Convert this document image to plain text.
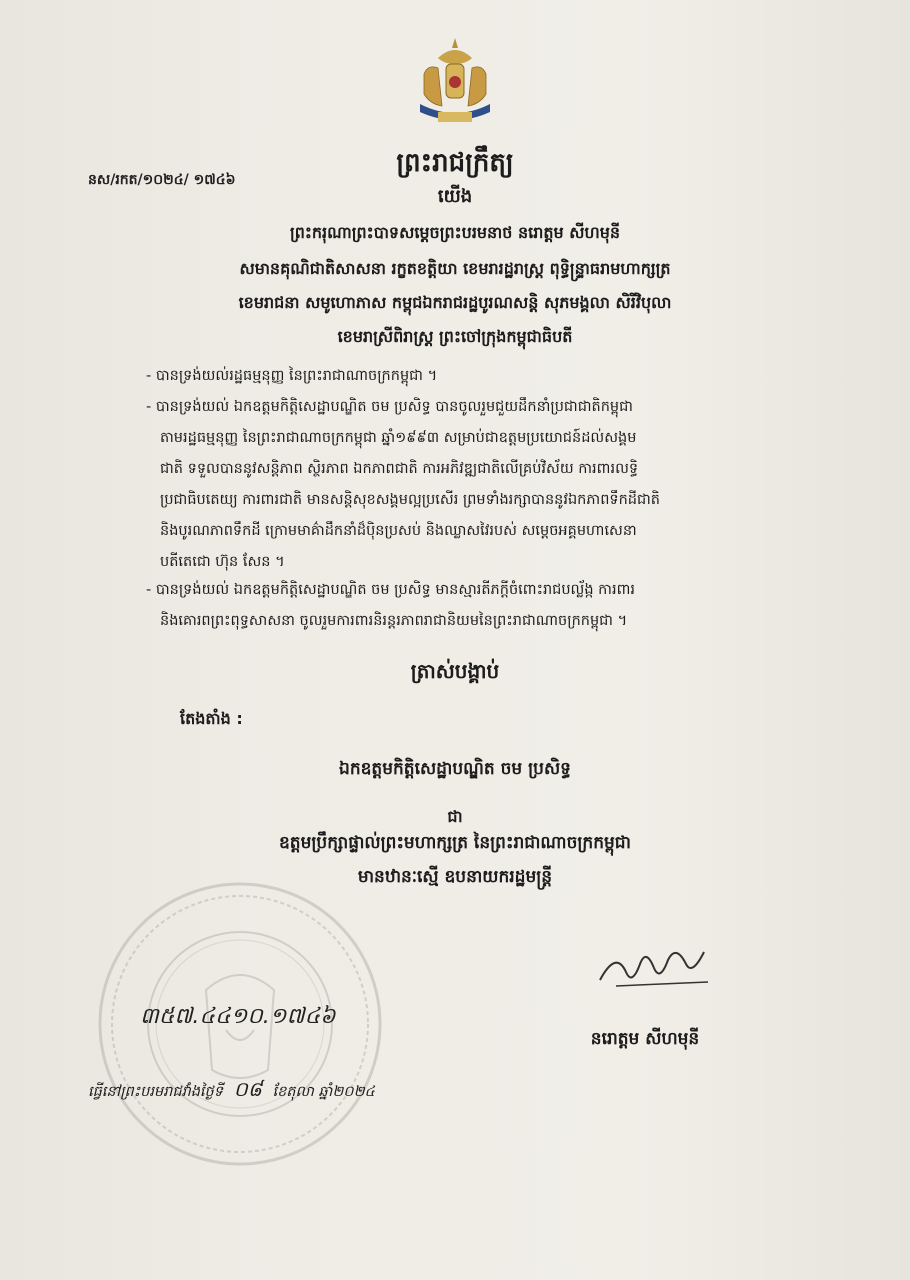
នស/រកត/១០២៤/ ១៧៤៦
ព្រះរាជក្រឹត្យ
យើង
ព្រះករុណាព្រះបាទសម្តេចព្រះបរមនាថ នរោត្តម សីហមុនី
សមានគុណិជាតិសាសនា រក្ខតខត្តិយា ខេមរារដ្ឋរាស្ត្រ ពុទ្ធិន្ទ្រាធរាមហាក្សត្រ
ខេមរាជនា សមូហោភាស កម្ពុជឯករាជរដ្ឋបូរណសន្តិ សុភមង្គលា សិរីវិបុលា
ខេមរាស្រីពិរាស្ត្រ ព្រះចៅក្រុងកម្ពុជាធិបតី
- បានទ្រង់យល់រដ្ឋធម្មនុញ្ញ នៃព្រះរាជាណាចក្រកម្ពុជា ។
- បានទ្រង់យល់ ឯកឧត្តមកិត្តិសេដ្ឋាបណ្ឌិត ចម ប្រសិទ្ធ បានចូលរួមជួយដឹកនាំប្រជាជាតិកម្ពុជា
តាមរដ្ឋធម្មនុញ្ញ នៃព្រះរាជាណាចក្រកម្ពុជា ឆ្នាំ១៩៩៣ សម្រាប់ជាឧត្តមប្រយោជន៍ដល់សង្គម
ជាតិ ទទួលបាននូវសន្តិភាព ស្ថិរភាព ឯកភាពជាតិ ការអភិវឌ្ឍជាតិលើគ្រប់វិស័យ ការពារលទ្ធិ
ប្រជាធិបតេយ្យ ការពារជាតិ មានសន្តិសុខសង្គមល្អប្រសើរ ព្រមទាំងរក្សាបាននូវឯកភាពទឹកដីជាតិ
និងបូរណភាពទឹកដី ក្រោមមាគ៌ាដឹកនាំដ៏ប៉ិនប្រសប់ និងឈ្លាសវៃរបស់ សម្តេចអគ្គមហាសេនា
បតីតេជោ ហ៊ុន សែន ។
- បានទ្រង់យល់ ឯកឧត្តមកិត្តិសេដ្ឋាបណ្ឌិត ចម ប្រសិទ្ធ មានស្មារតីភក្តីចំពោះរាជបល្ល័ង្ក ការពារ
និងគោរពព្រះពុទ្ធសាសនា ចូលរួមការពារនិរន្តរភាពរាជានិយមនៃព្រះរាជាណាចក្រកម្ពុជា ។
ត្រាស់បង្គាប់
តែងតាំង :
ឯកឧត្តមកិត្តិសេដ្ឋាបណ្ឌិត ចម ប្រសិទ្ធ
ជា
ឧត្តមប្រឹក្សាផ្ទាល់ព្រះមហាក្សត្រ នៃព្រះរាជាណាចក្រកម្ពុជា
មានឋានៈស្មើ ឧបនាយករដ្ឋមន្ត្រី
៣៥៧.៤៤១០.១៧៤៦
នរោត្តម សីហមុនី
ធ្វើនៅព្រះបរមរាជវាំងថ្ងៃទី ០៨ ខែតុលា ឆ្នាំ២០២៤
